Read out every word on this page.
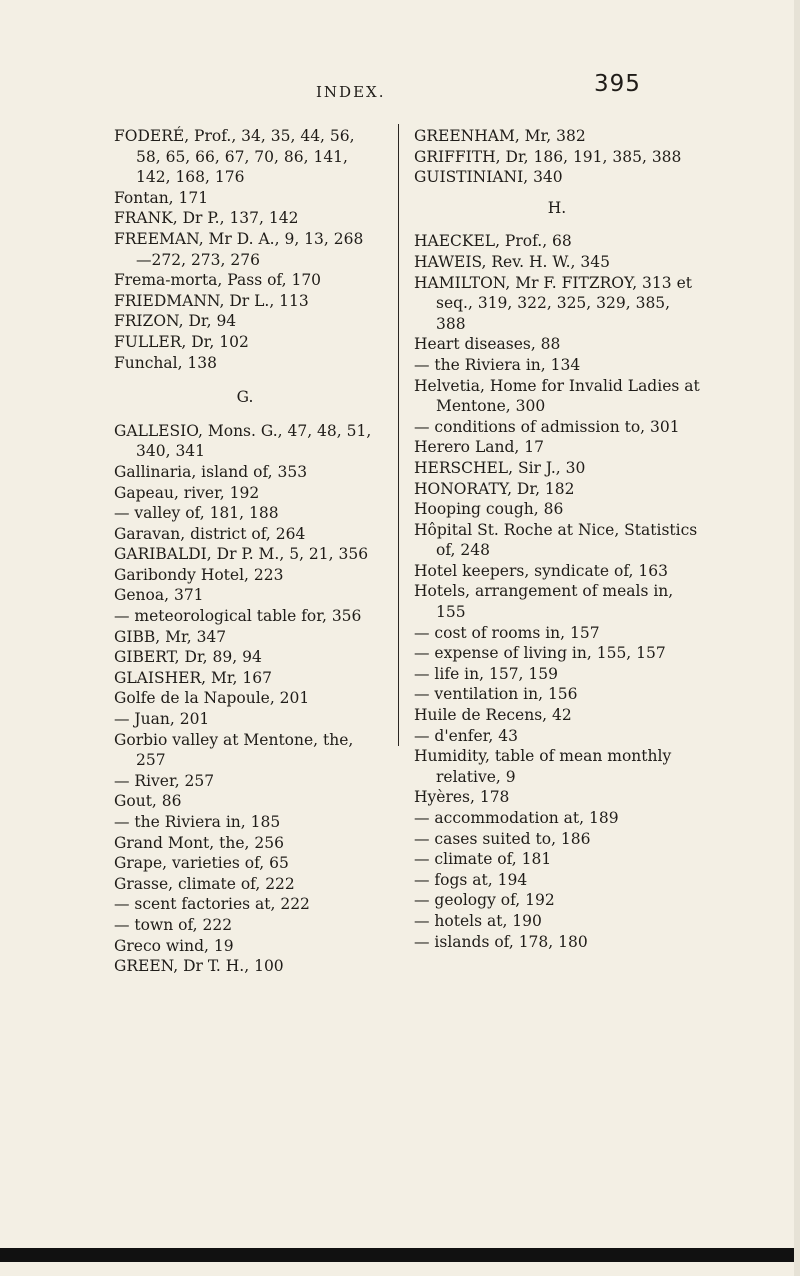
INDEX.	395
FODERÉ, Prof., 34, 35, 44, 56, 58, 65, 66, 67, 70, 86, 141, 142, 168, 176
Fontan, 171
FRANK, Dr P., 137, 142
FREEMAN, Mr D. A., 9, 13, 268—272, 273, 276
Frema-morta, Pass of, 170
FRIEDMANN, Dr L., 113
FRIZON, Dr, 94
FULLER, Dr, 102
Funchal, 138
G.
GALLESIO, Mons. G., 47, 48, 51, 340, 341
Gallinaria, island of, 353
Gapeau, river, 192
— valley of, 181, 188
Garavan, district of, 264
GARIBALDI, Dr P. M., 5, 21, 356
Garibondy Hotel, 223
Genoa, 371
— meteorological table for, 356
GIBB, Mr, 347
GIBERT, Dr, 89, 94
GLAISHER, Mr, 167
Golfe de la Napoule, 201
— Juan, 201
Gorbio valley at Mentone, the, 257
— River, 257
Gout, 86
— the Riviera in, 185
Grand Mont, the, 256
Grape, varieties of, 65
Grasse, climate of, 222
— scent factories at, 222
— town of, 222
Greco wind, 19
GREEN, Dr T. H., 100
GREENHAM, Mr, 382
GRIFFITH, Dr, 186, 191, 385, 388
GUISTINIANI, 340
H.
HAECKEL, Prof., 68
HAWEIS, Rev. H. W., 345
HAMILTON, Mr F. FITZROY, 313 et seq., 319, 322, 325, 329, 385, 388
Heart diseases, 88
— the Riviera in, 134
Helvetia, Home for Invalid Ladies at Mentone, 300
— conditions of admission to, 301
Herero Land, 17
HERSCHEL, Sir J., 30
HONORATY, Dr, 182
Hooping cough, 86
Hôpital St. Roche at Nice, Statistics of, 248
Hotel keepers, syndicate of, 163
Hotels, arrangement of meals in, 155
— cost of rooms in, 157
— expense of living in, 155, 157
— life in, 157, 159
— ventilation in, 156
Huile de Recens, 42
— d'enfer, 43
Humidity, table of mean monthly relative, 9
Hyères, 178
— accommodation at, 189
— cases suited to, 186
— climate of, 181
— fogs at, 194
— geology of, 192
— hotels at, 190
— islands of, 178, 180
